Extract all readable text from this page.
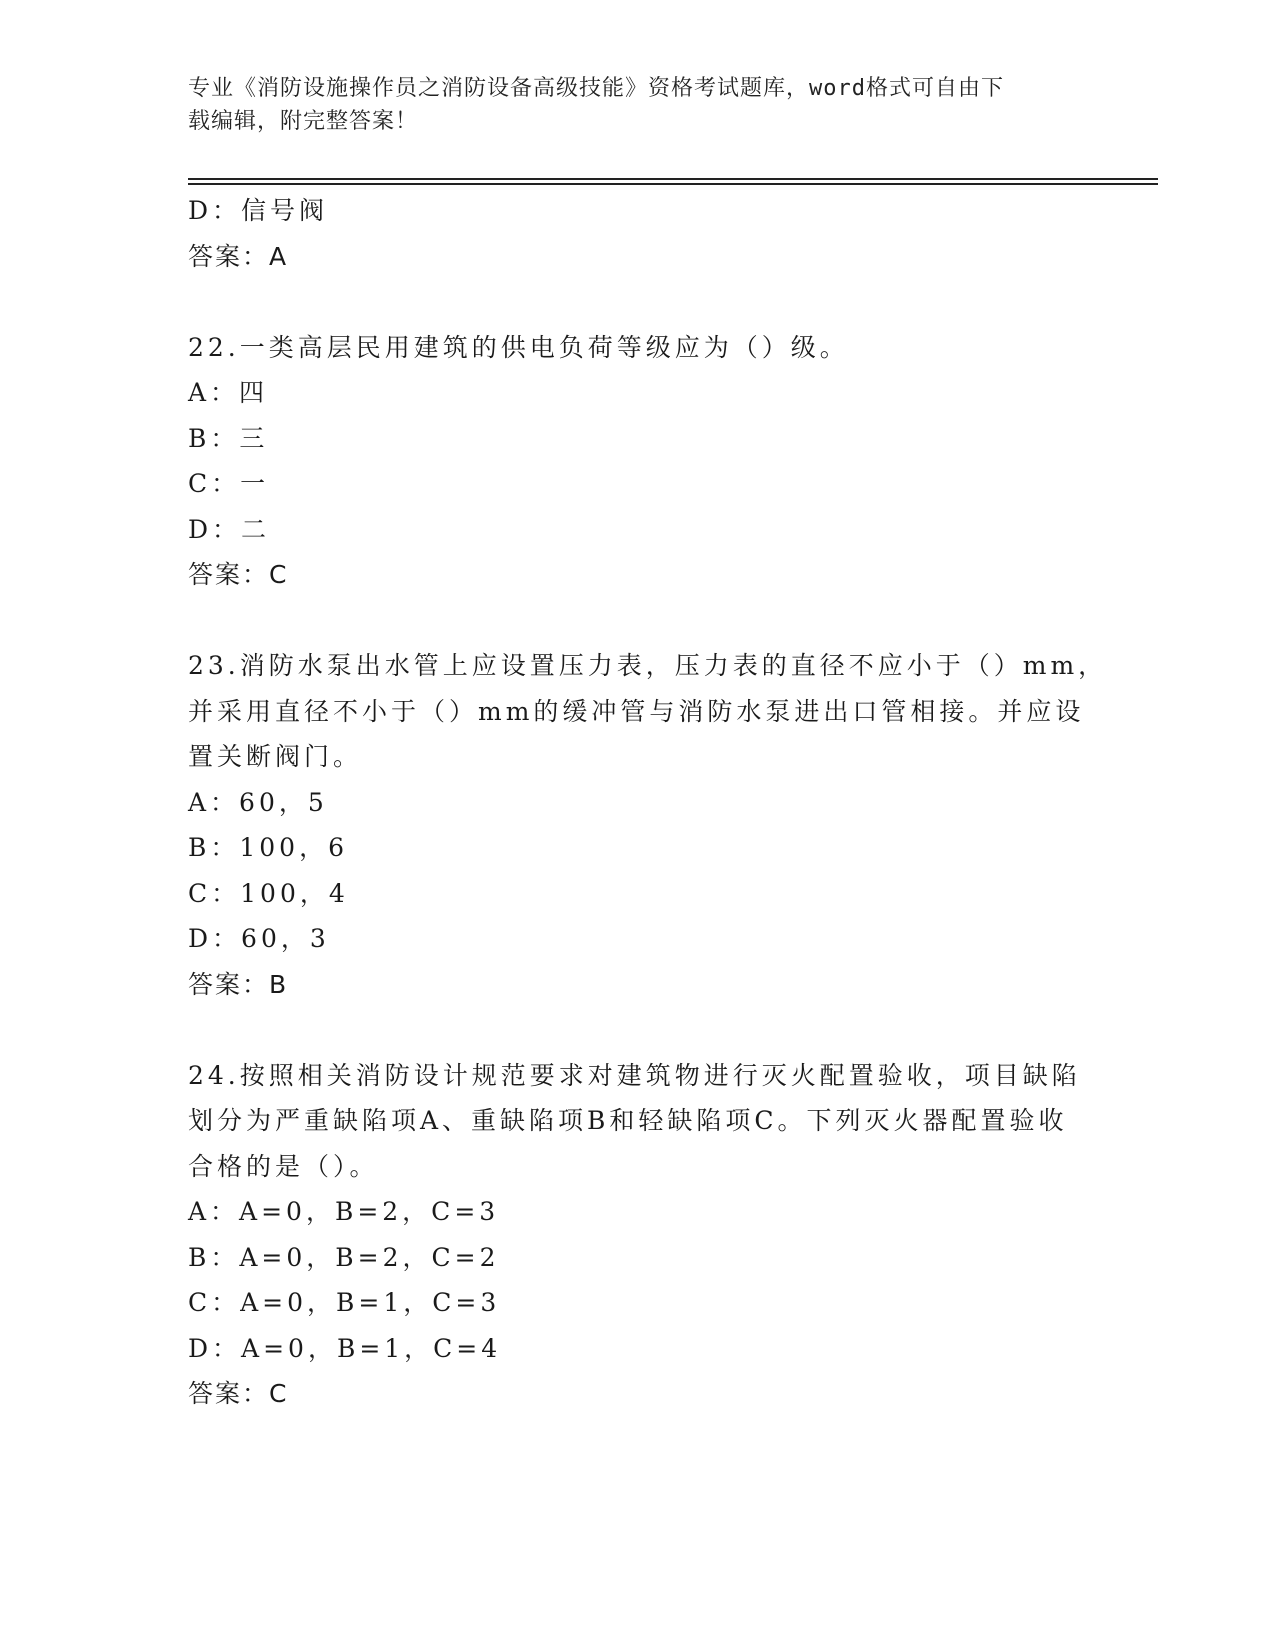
专业《消防设施操作员之消防设备高级技能》资格考试题库，word格式可自由下
载编辑，附完整答案！
D：信号阀
答案：A
22.一类高层民用建筑的供电负荷等级应为（）级。
A：四
B：三
C：一
D：二
答案：C
23.消防水泵出水管上应设置压力表，压力表的直径不应小于（）mm，
并采用直径不小于（）mm的缓冲管与消防水泵进出口管相接。并应设
置关断阀门。
A：60，5
B：100，6
C：100，4
D：60，3
答案：B
24.按照相关消防设计规范要求对建筑物进行灭火配置验收，项目缺陷
划分为严重缺陷项A、重缺陷项B和轻缺陷项C。下列灭火器配置验收
合格的是（）。
A：A=0，B=2，C=3
B：A=0，B=2，C=2
C：A=0，B=1，C=3
D：A=0，B=1，C=4
答案：C
